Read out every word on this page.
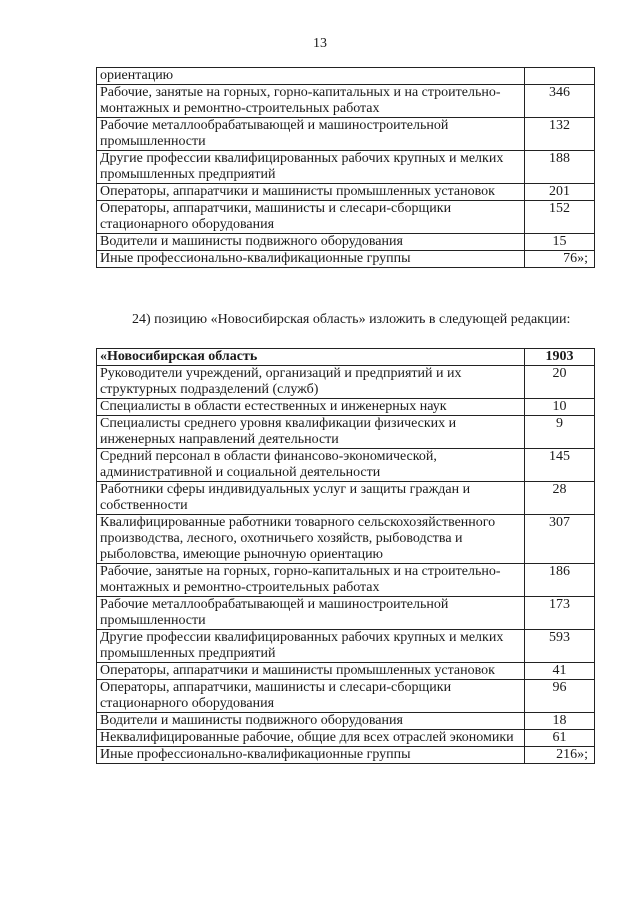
13
ориентацию	
Рабочие, занятые на горных, горно-капитальных и на строительно-монтажных и ремонтно-строительных работах	346
Рабочие металлообрабатывающей и машиностроительной промышленности	132
Другие профессии квалифицированных рабочих крупных и мелких промышленных предприятий	188
Операторы, аппаратчики и машинисты промышленных установок	201
Операторы, аппаратчики, машинисты и слесари-сборщики стационарного оборудования	152
Водители и машинисты подвижного оборудования	15
Иные профессионально-квалификационные группы	76»;
24) позицию «Новосибирская область» изложить в следующей редакции:
«Новосибирская область	1903
Руководители учреждений, организаций и предприятий и их структурных подразделений (служб)	20
Специалисты в области естественных и инженерных наук	10
Специалисты среднего уровня квалификации физических и инженерных направлений деятельности	9
Средний персонал в области финансово-экономической, административной и социальной деятельности	145
Работники сферы индивидуальных услуг и защиты граждан и собственности	28
Квалифицированные работники товарного сельскохозяйственного производства, лесного, охотничьего хозяйств, рыбоводства и рыболовства, имеющие рыночную ориентацию	307
Рабочие, занятые на горных, горно-капитальных и на строительно-монтажных и ремонтно-строительных работах	186
Рабочие металлообрабатывающей и машиностроительной промышленности	173
Другие профессии квалифицированных рабочих крупных и мелких промышленных предприятий	593
Операторы, аппаратчики и машинисты промышленных установок	41
Операторы, аппаратчики, машинисты и слесари-сборщики стационарного оборудования	96
Водители и машинисты подвижного оборудования	18
Неквалифицированные рабочие, общие для всех отраслей экономики	61
Иные профессионально-квалификационные группы	216»;
